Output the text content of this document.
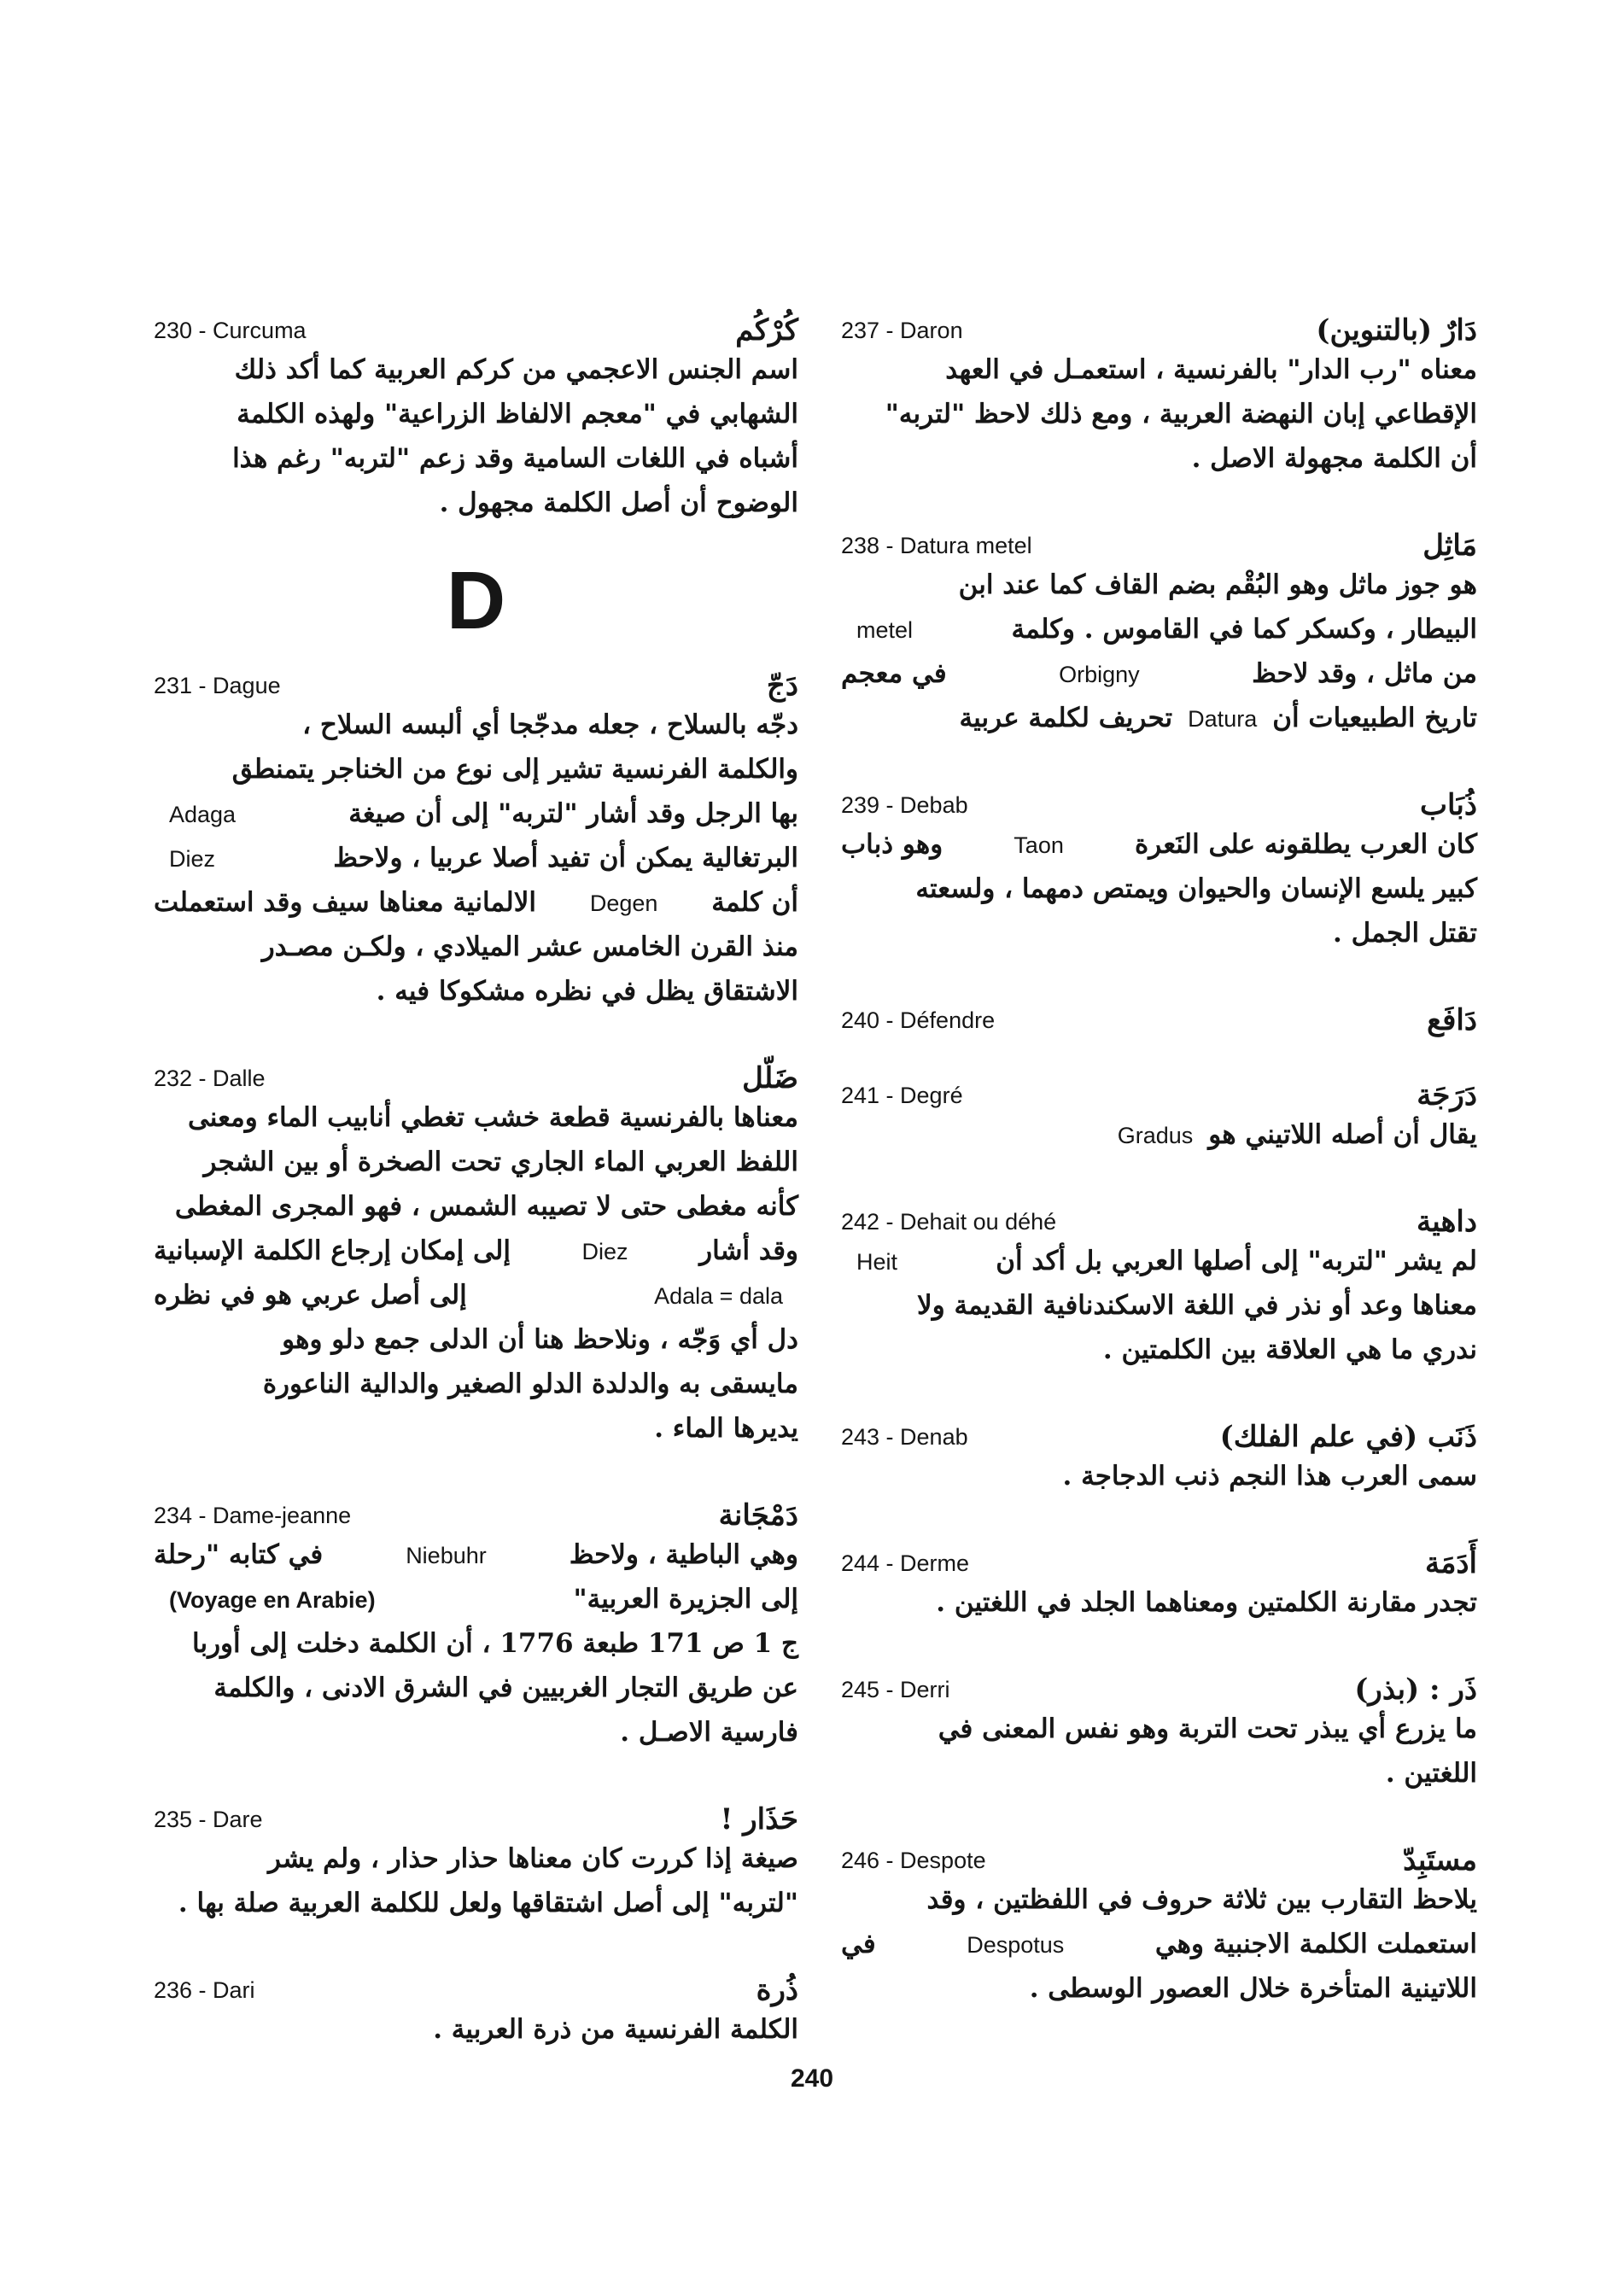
دَارٌ (بالتنوين)
237 - Daron
معناه "رب الدار" بالفرنسية ، استعمـل في العهد
الإقطاعي إبان النهضة العربية ، ومع ذلك لاحظ "لتربه"
أن الكلمة مجهولة الاصل .
مَاثِل
238 - Datura metel
هو جوز ماثل وهو البُقْم بضم القاف كما عند ابن
البيطار ، وكسكر كما في القاموس . وكلمة
metel
من ماثل ، وقد لاحظ
Orbigny
في معجم
تاريخ الطبيعيات أن
Datura
تحريف لكلمة عربية
ذُبَاب
239 - Debab
كان العرب يطلقونه على النَعرة
Taon
وهو ذباب
كبير يلسع الإنسان والحيوان ويمتص دمهما ، ولسعته
تقتل الجمل .
دَافَع
240 - Défendre
دَرَجَة
241 - Degré
يقال أن أصله اللاتيني هو
Gradus
داهية
242 - Dehait ou déhé
لم يشر "لتربه" إلى أصلها العربي بل أكد أن
Heit
معناها وعد أو نذر في اللغة الاسكندنافية القديمة ولا
ندري ما هي العلاقة بين الكلمتين .
ذَنَب (في علم الفلك)
243 - Denab
سمى العرب هذا النجم ذنب الدجاجة .
أَدَمَة
244 - Derme
تجدر مقارنة الكلمتين ومعناهما الجلد في اللغتين .
ذَر : (بذر)
245 - Derri
ما يزرع أي يبذر تحت التربة وهو نفس المعنى في
اللغتين .
مستَبِدّ
246 - Despote
يلاحظ التقارب بين ثلاثة حروف في اللفظتين ، وقد
استعملت الكلمة الاجنبية وهي
Despotus
في
اللاتينية المتأخرة خلال العصور الوسطى .
كُرْكُم
230 - Curcuma
اسم الجنس الاعجمي من كركم العربية كما أكد ذلك
الشهابي في "معجم الالفاظ الزراعية" ولهذه الكلمة
أشباه في اللغات السامية وقد زعم "لتربه" رغم هذا
الوضوح أن أصل الكلمة مجهول .
D
دَجّ
231 - Dague
دجّه بالسلاح ، جعله مدجّجا أي ألبسه السلاح ،
والكلمة الفرنسية تشير إلى نوع من الخناجر يتمنطق
بها الرجل وقد أشار "لتربه" إلى أن صيغة
Adaga
البرتغالية يمكن أن تفيد أصلا عربيا ، ولاحظ
Diez
أن كلمة
Degen
الالمانية معناها سيف وقد استعملت
منذ القرن الخامس عشر الميلادي ، ولكـن مصـدر
الاشتقاق يظل في نظره مشكوكا فيه .
ضَلّل
232 - Dalle
معناها بالفرنسية قطعة خشب تغطي أنابيب الماء ومعنى
اللفظ العربي الماء الجاري تحت الصخرة أو بين الشجر
كأنه مغطى حتى لا تصيبه الشمس ، فهو المجرى المغطى
وقد أشار
Diez
إلى إمكان إرجاع الكلمة الإسبانية
Adala = dala
إلى أصل عربي هو في نظره
دل أي وَجّه ، ونلاحظ هنا أن الدلى جمع دلو وهو
مايسقى به والدلدة الدلو الصغير والدالية الناعورة
يديرها الماء .
دَمْجَانة
234 - Dame-jeanne
وهي الباطية ، ولاحظ
Niebuhr
في كتابه "رحلة
إلى الجزيرة العربية"
(Voyage en Arabie)
ج 1 ص 171 طبعة 1776 ، أن الكلمة دخلت إلى أوربا
عن طريق التجار الغربيين في الشرق الادنى ، والكلمة
فارسية الاصـل .
حَذَار !
235 - Dare
صيغة إذا كررت كان معناها حذار حذار ، ولم يشر
"لتربه" إلى أصل اشتقاقها ولعل للكلمة العربية صلة بها .
ذُرة
236 - Dari
الكلمة الفرنسية من ذرة العربية .
240
